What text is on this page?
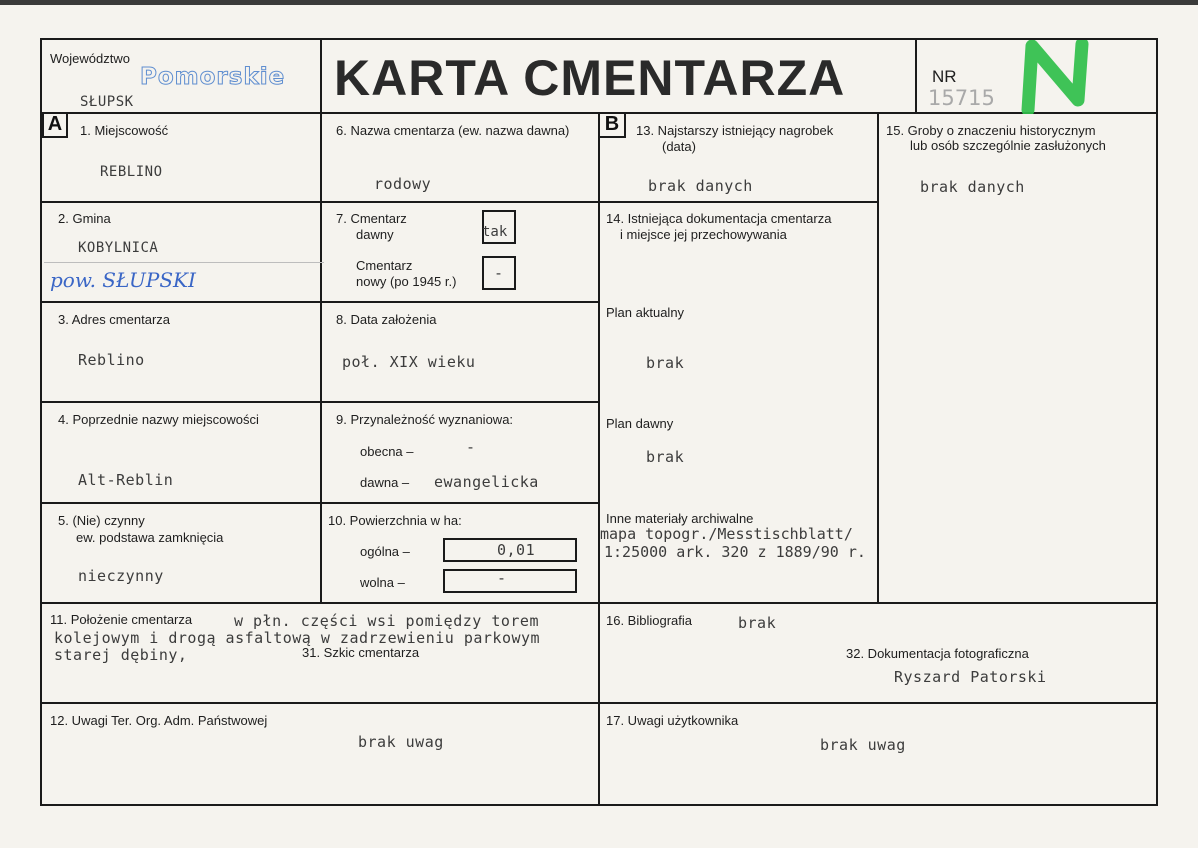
Województwo
Pomorskie
SŁUPSK	KARTA CMENTARZA	NR
15715
A	B
1. Miejscowość
REBLINO
2. Gmina
KOBYLNICA
pow. SŁUPSKI
3. Adres cmentarza
Reblino
4. Poprzednie nazwy miejscowości
Alt-Reblin
5. (Nie) czynny
ew. podstawa zamknięcia
nieczynny
6. Nazwa cmentarza (ew. nazwa dawna)
rodowy
7. Cmentarz
dawny	tak
Cmentarz
nowy (po 1945 r.)	-
8. Data założenia
poł. XIX wieku
9. Przynależność wyznaniowa:
obecna –	-
dawna – ewangelicka
10. Powierzchnia w ha:
ogólna –	0,01
wolna –	-
11. Położenie cmentarza	w płn. części wsi pomiędzy torem
kolejowym i drogą asfaltową w zadrzewieniu parkowym
starej dębiny,	31. Szkic cmentarza
12. Uwagi Ter. Org. Adm. Państwowej
brak uwag
13. Najstarszy istniejący nagrobek
(data)
brak danych
14. Istniejąca dokumentacja cmentarza
i miejsce jej przechowywania
Plan aktualny
brak
Plan dawny
brak
Inne materiały archiwalne
mapa topogr./Messtischblatt/
1:25000 ark. 320 z 1889/90 r.
15. Groby o znaczeniu historycznym
lub osób szczególnie zasłużonych
brak danych
16. Bibliografia	brak
32. Dokumentacja fotograficzna
Ryszard Patorski
17. Uwagi użytkownika
brak uwag
